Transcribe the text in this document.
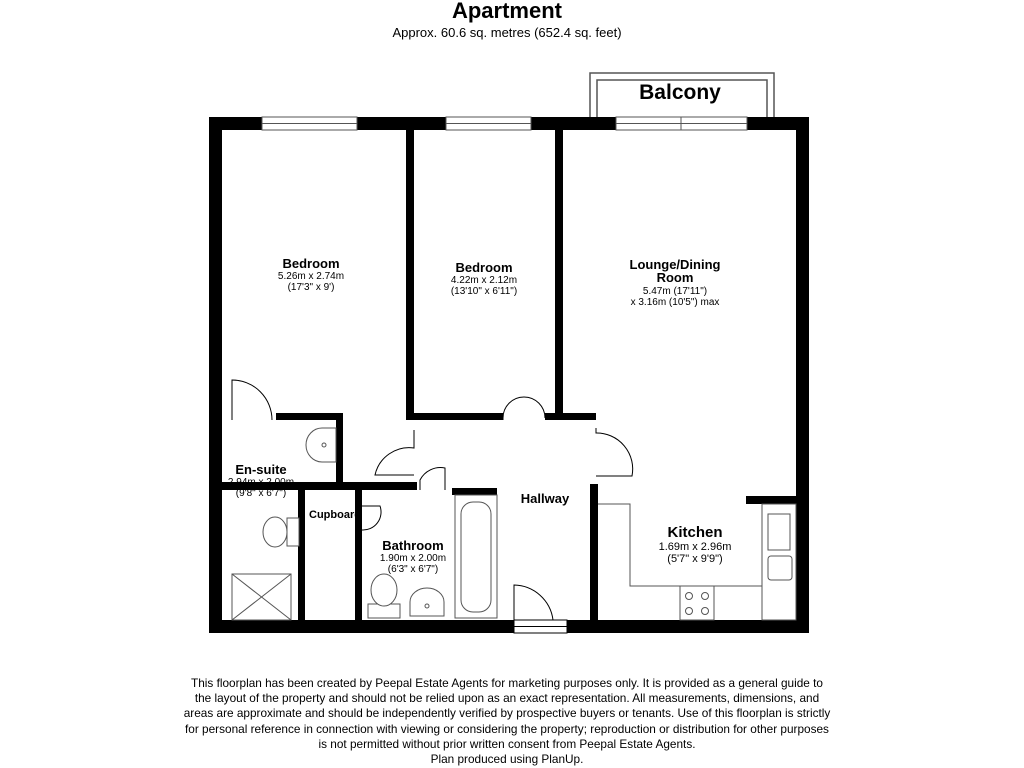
Apartment
Approx. 60.6 sq. metres (652.4 sq. feet)
Balcony
Bedroom
5.26m x 2.74m
(17'3" x 9')
Bedroom
4.22m x 2.12m
(13'10" x 6'11")
Lounge/Dining
Room
5.47m (17'11")
x 3.16m (10'5") max
En-suite
2.94m x 2.00m
(9'8" x 6'7")
Cupboard
Bathroom
1.90m x 2.00m
(6'3" x 6'7")
Hallway
Kitchen
1.69m x 2.96m
(5'7" x 9'9")
This floorplan has been created by Peepal Estate Agents for marketing purposes only. It is provided as a general guide to
the layout of the property and should not be relied upon as an exact representation. All measurements, dimensions, and
areas are approximate and should be independently verified by prospective buyers or tenants. Use of this floorplan is strictly
for personal reference in connection with viewing or considering the property; reproduction or distribution for other purposes
is not permitted without prior written consent from Peepal Estate Agents.
Plan produced using PlanUp.
